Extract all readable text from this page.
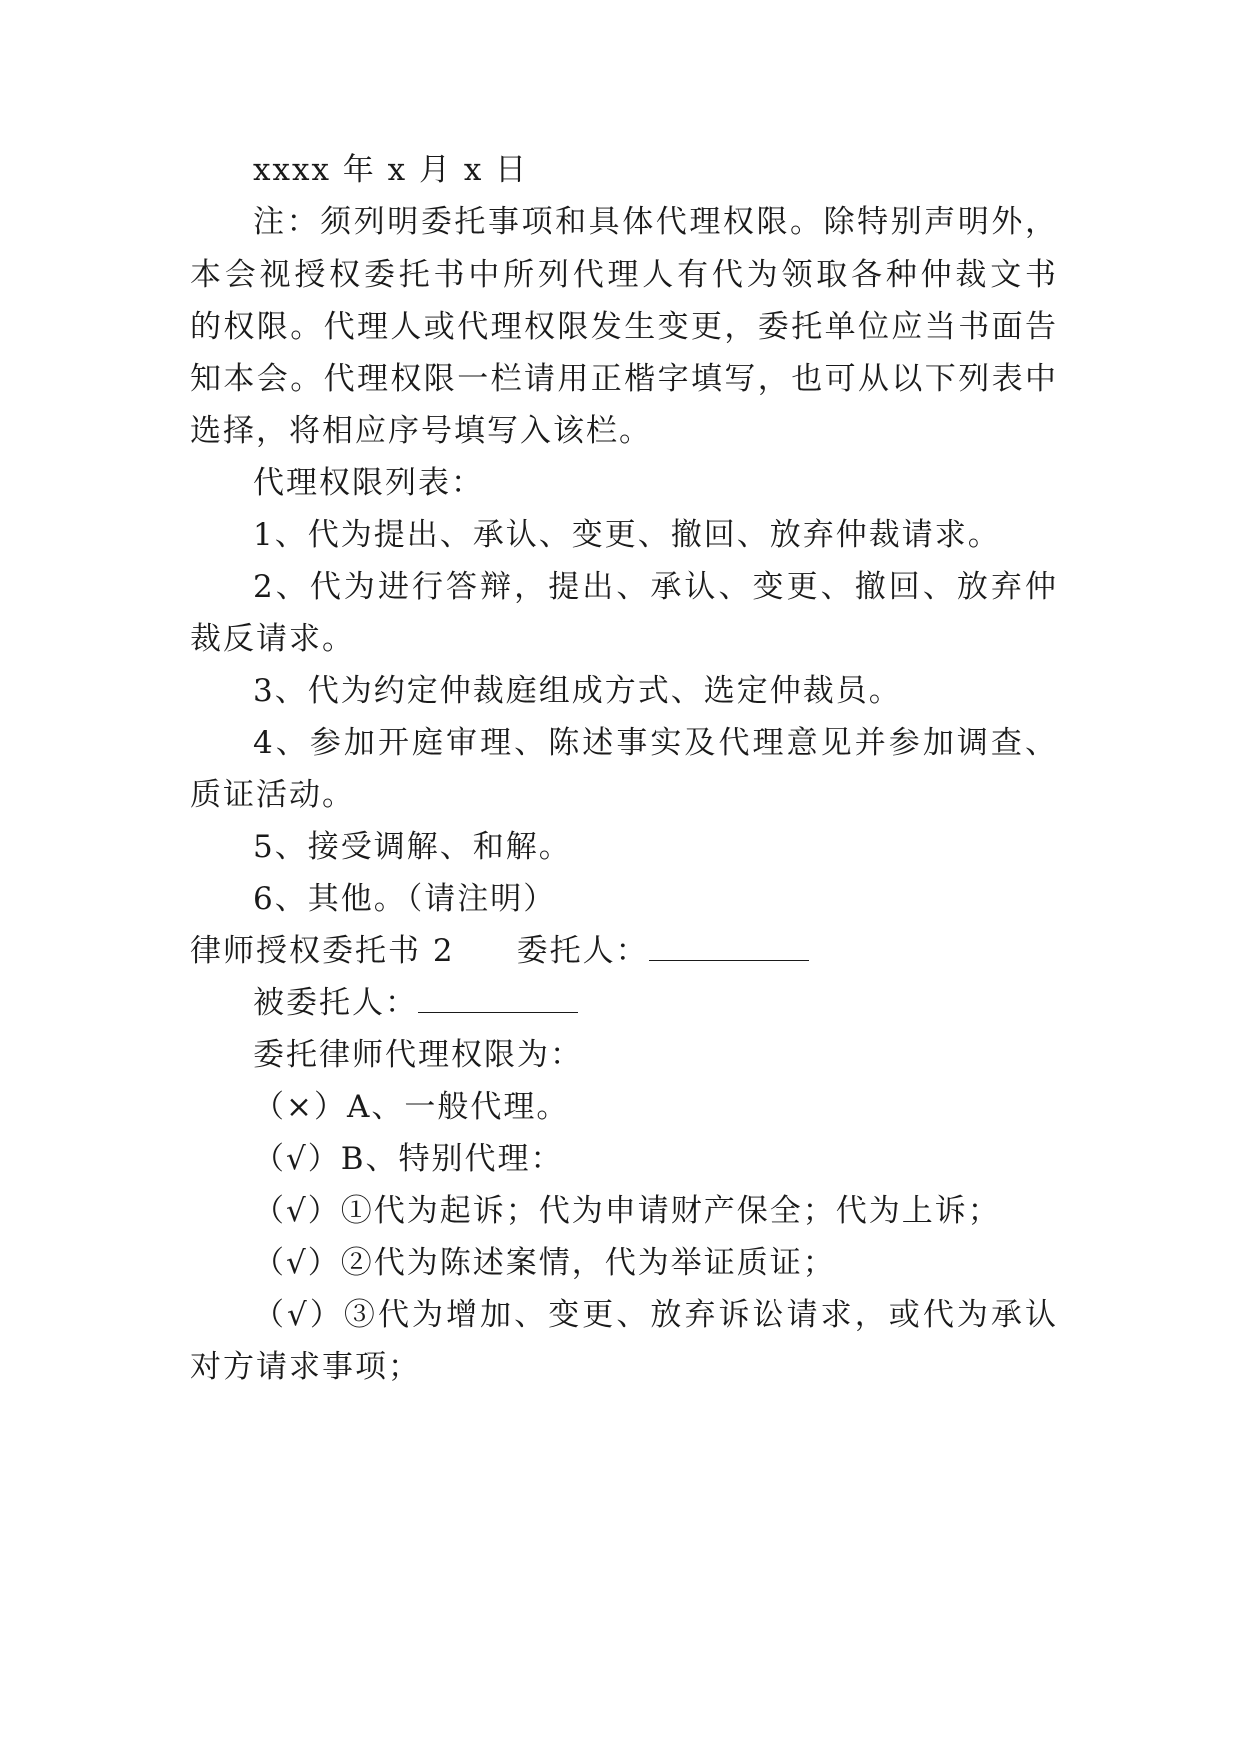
xxxx 年 x 月 x 日
注：须列明委托事项和具体代理权限。除特别声明外，
本会视授权委托书中所列代理人有代为领取各种仲裁文书
的权限。代理人或代理权限发生变更，委托单位应当书面告
知本会。代理权限一栏请用正楷字填写，也可从以下列表中
选择，将相应序号填写入该栏。
代理权限列表：
1、代为提出、承认、变更、撤回、放弃仲裁请求。
2、代为进行答辩，提出、承认、变更、撤回、放弃仲
裁反请求。
3、代为约定仲裁庭组成方式、选定仲裁员。
4、参加开庭审理、陈述事实及代理意见并参加调查、
质证活动。
5、接受调解、和解。
6、其他。（请注明）
律师授权委托书 2 委托人：
被委托人：
委托律师代理权限为：
（×）A、一般代理。
（√）B、特别代理：
（√）①代为起诉；代为申请财产保全；代为上诉；
（√）②代为陈述案情，代为举证质证；
（√）③代为增加、变更、放弃诉讼请求，或代为承认
对方请求事项；
